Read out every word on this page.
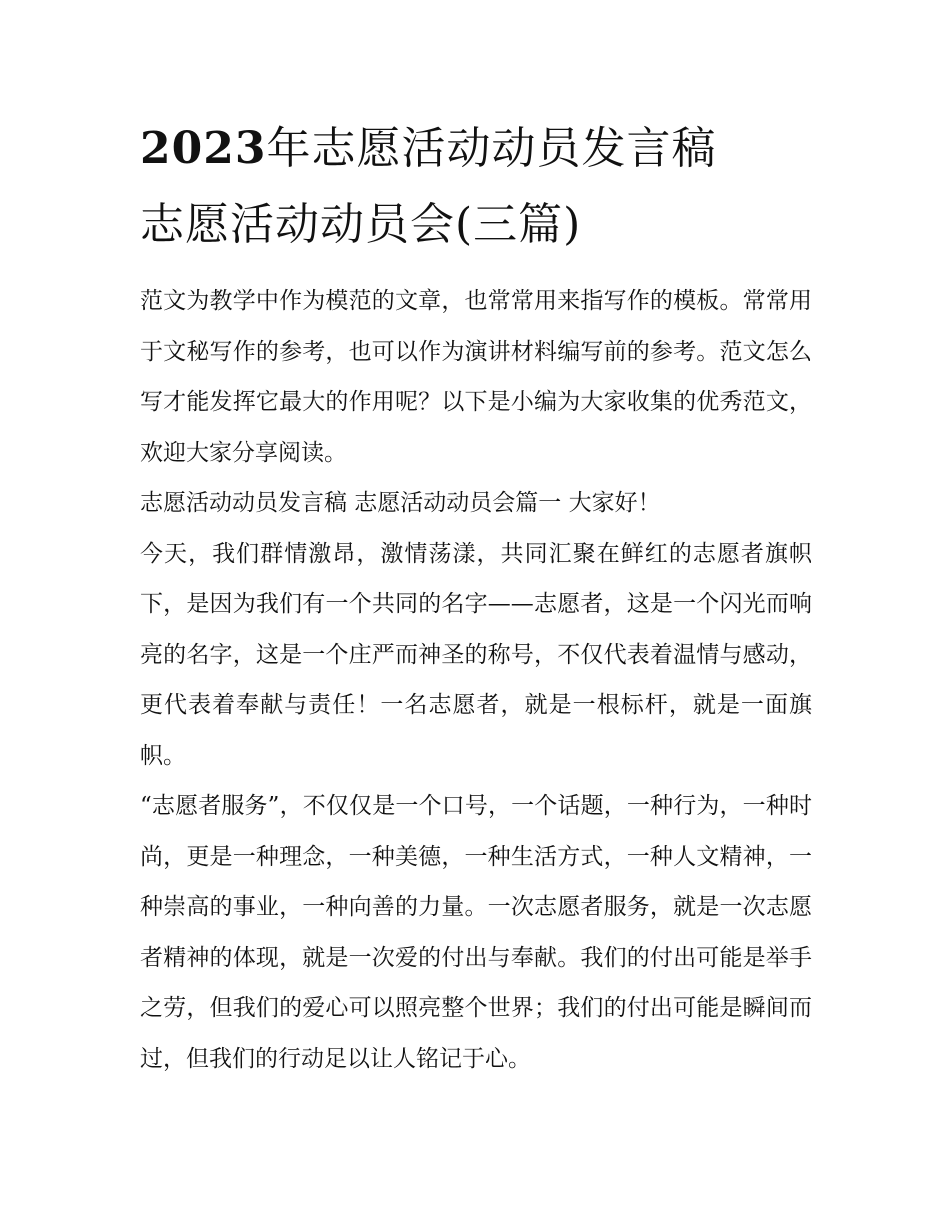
2023年志愿活动动员发言稿
志愿活动动员会(三篇)

范文为教学中作为模范的文章，也常常用来指写作的模板。常常用于文秘写作的参考，也可以作为演讲材料编写前的参考。范文怎么写才能发挥它最大的作用呢？以下是小编为大家收集的优秀范文，欢迎大家分享阅读。

志愿活动动员发言稿 志愿活动动员会篇一 大家好！

今天，我们群情激昂，激情荡漾，共同汇聚在鲜红的志愿者旗帜下，是因为我们有一个共同的名字——志愿者，这是一个闪光而响亮的名字，这是一个庄严而神圣的称号，不仅代表着温情与感动，更代表着奉献与责任！一名志愿者，就是一根标杆，就是一面旗帜。

“志愿者服务”，不仅仅是一个口号，一个话题，一种行为，一种时尚，更是一种理念，一种美德，一种生活方式，一种人文精神，一种崇高的事业，一种向善的力量。一次志愿者服务，就是一次志愿者精神的体现，就是一次爱的付出与奉献。我们的付出可能是举手之劳，但我们的爱心可以照亮整个世界；我们的付出可能是瞬间而过，但我们的行动足以让人铭记于心。
